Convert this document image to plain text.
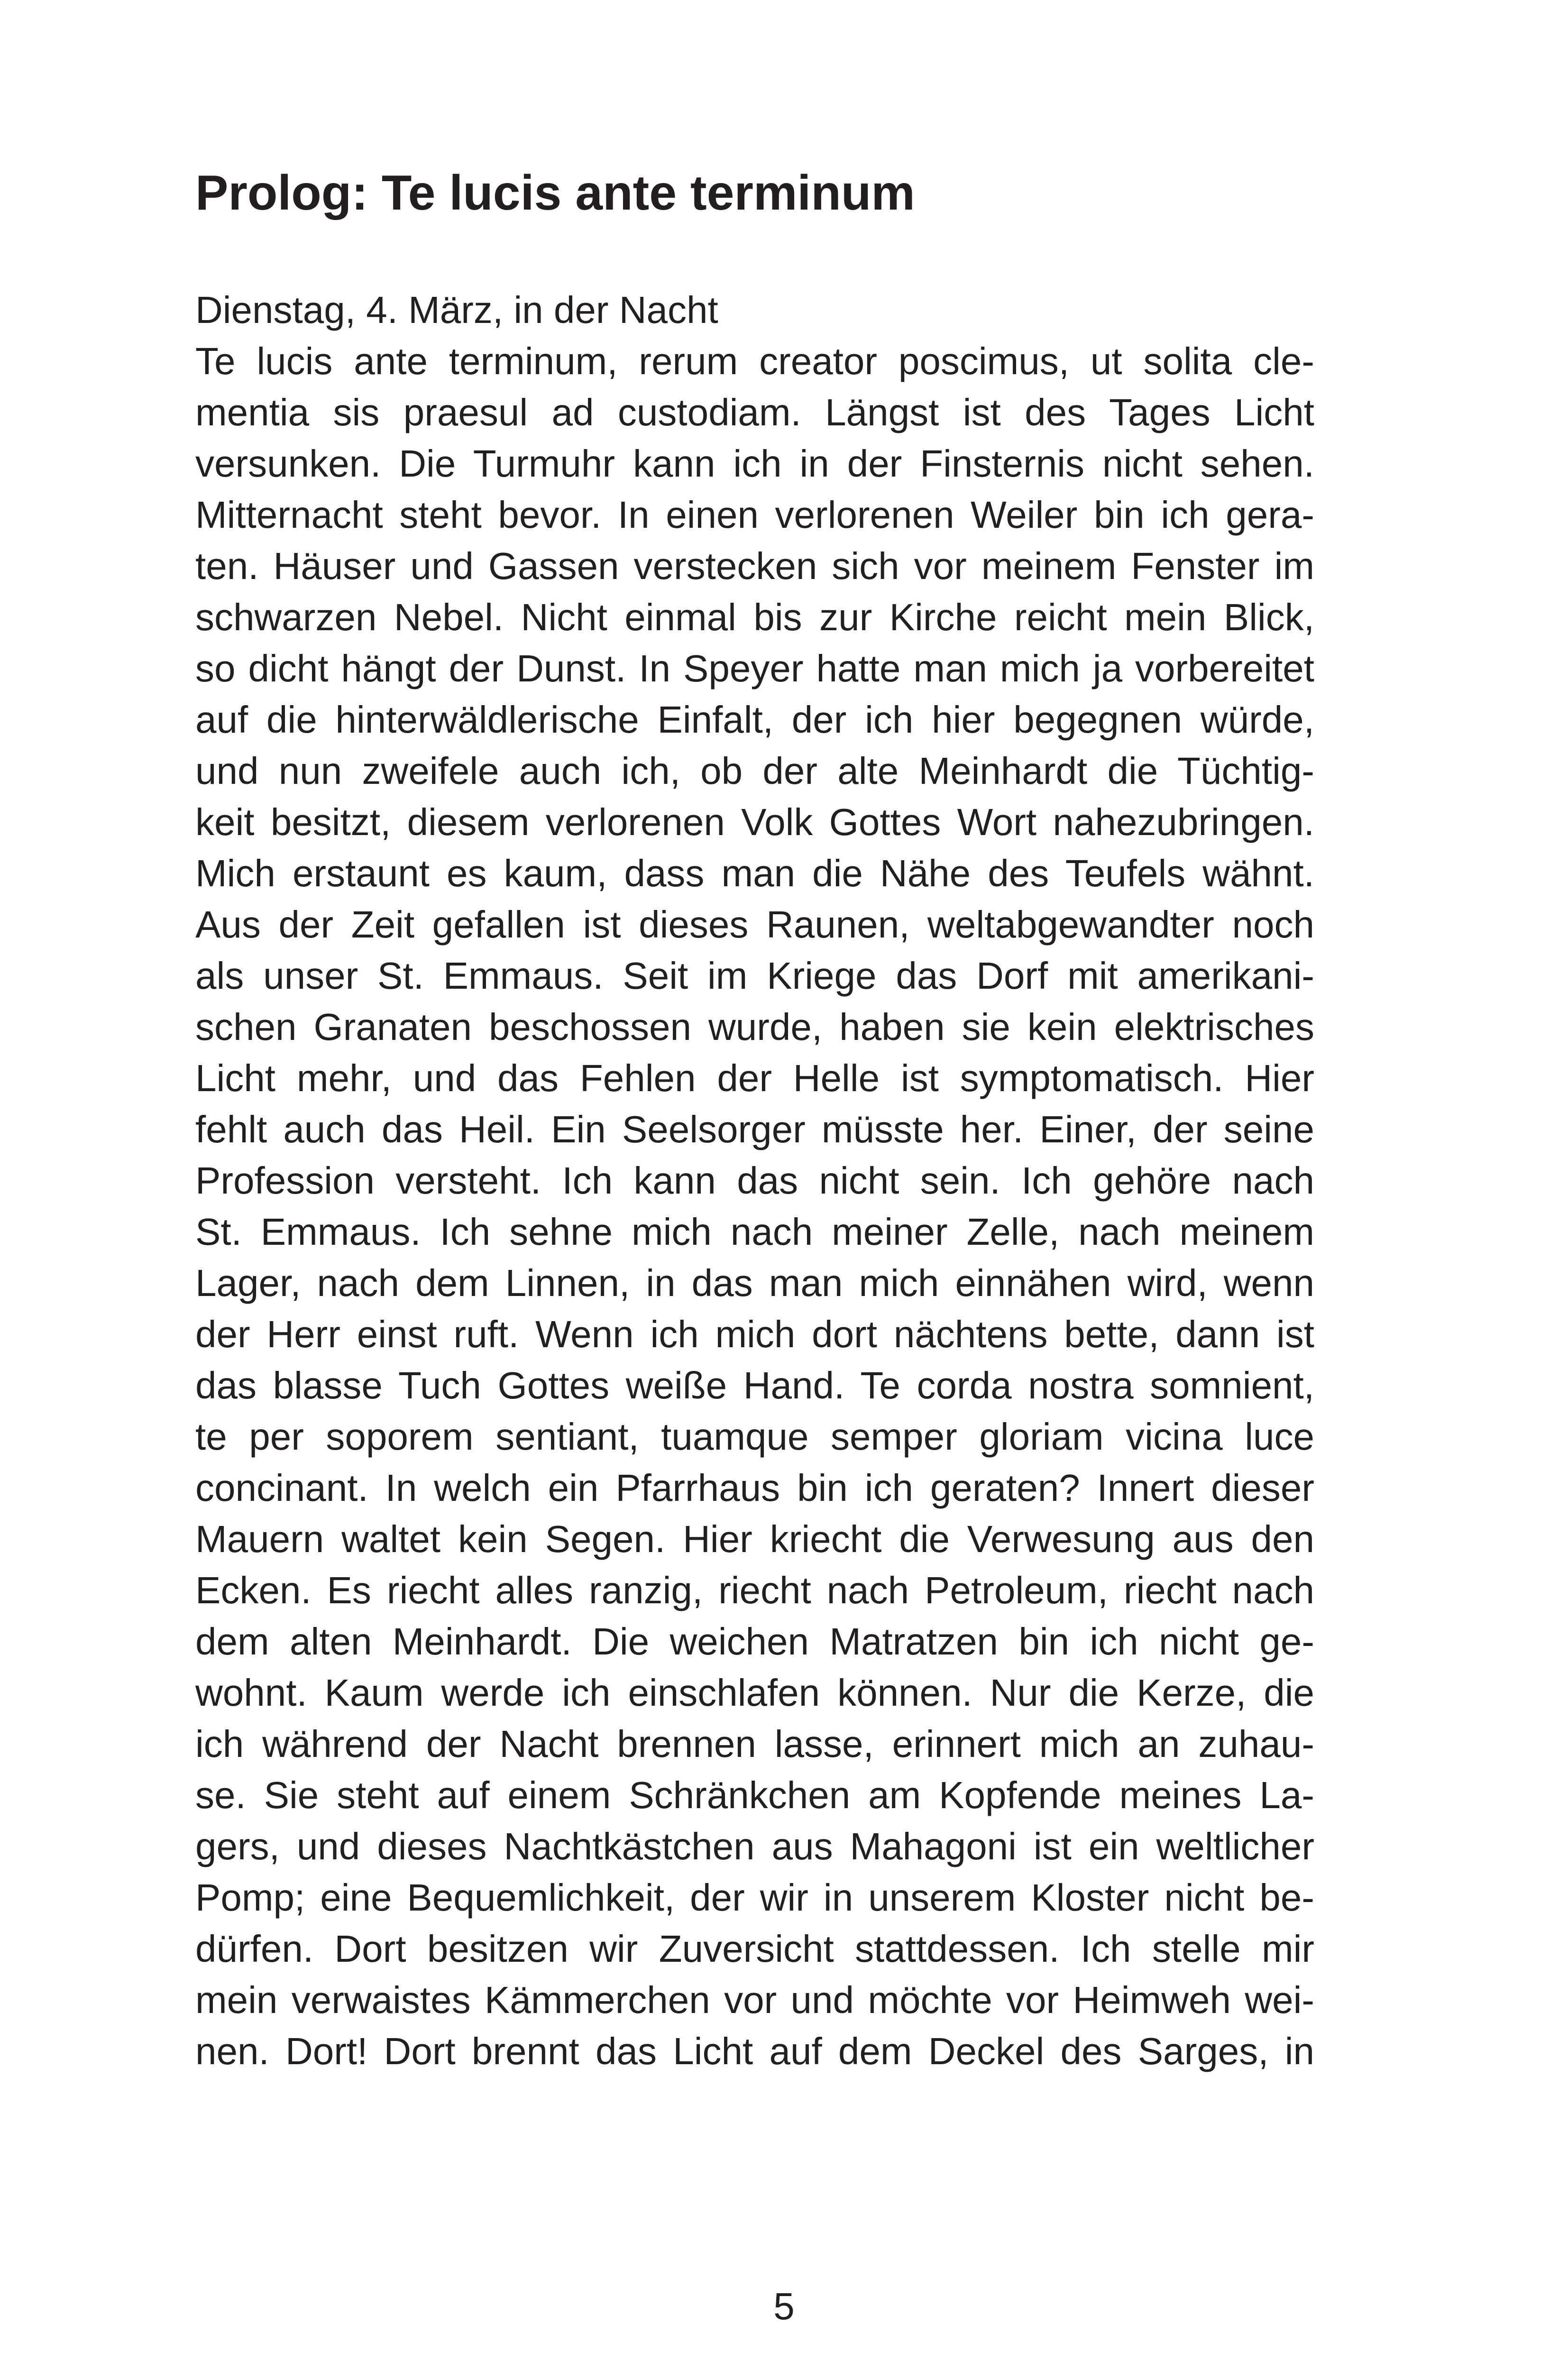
Prolog: Te lucis ante terminum
Dienstag, 4. März, in der Nacht
Te lucis ante terminum, rerum creator poscimus, ut solita cle-
mentia sis praesul ad custodiam. Längst ist des Tages Licht
versunken. Die Turmuhr kann ich in der Finsternis nicht sehen.
Mitternacht steht bevor. In einen verlorenen Weiler bin ich gera-
ten. Häuser und Gassen verstecken sich vor meinem Fenster im
schwarzen Nebel. Nicht einmal bis zur Kirche reicht mein Blick,
so dicht hängt der Dunst. In Speyer hatte man mich ja vorbereitet
auf die hinterwäldlerische Einfalt, der ich hier begegnen würde,
und nun zweifele auch ich, ob der alte Meinhardt die Tüchtig-
keit besitzt, diesem verlorenen Volk Gottes Wort nahezubringen.
Mich erstaunt es kaum, dass man die Nähe des Teufels wähnt.
Aus der Zeit gefallen ist dieses Raunen, weltabgewandter noch
als unser St. Emmaus. Seit im Kriege das Dorf mit amerikani-
schen Granaten beschossen wurde, haben sie kein elektrisches
Licht mehr, und das Fehlen der Helle ist symptomatisch. Hier
fehlt auch das Heil. Ein Seelsorger müsste her. Einer, der seine
Profession versteht. Ich kann das nicht sein. Ich gehöre nach
St. Emmaus. Ich sehne mich nach meiner Zelle, nach meinem
Lager, nach dem Linnen, in das man mich einnähen wird, wenn
der Herr einst ruft. Wenn ich mich dort nächtens bette, dann ist
das blasse Tuch Gottes weiße Hand. Te corda nostra somnient,
te per soporem sentiant, tuamque semper gloriam vicina luce
concinant. In welch ein Pfarrhaus bin ich geraten? Innert dieser
Mauern waltet kein Segen. Hier kriecht die Verwesung aus den
Ecken. Es riecht alles ranzig, riecht nach Petroleum, riecht nach
dem alten Meinhardt. Die weichen Matratzen bin ich nicht ge-
wohnt. Kaum werde ich einschlafen können. Nur die Kerze, die
ich während der Nacht brennen lasse, erinnert mich an zuhau-
se. Sie steht auf einem Schränkchen am Kopfende meines La-
gers, und dieses Nachtkästchen aus Mahagoni ist ein weltlicher
Pomp; eine Bequemlichkeit, der wir in unserem Kloster nicht be-
dürfen. Dort besitzen wir Zuversicht stattdessen. Ich stelle mir
mein verwaistes Kämmerchen vor und möchte vor Heimweh wei-
nen. Dort! Dort brennt das Licht auf dem Deckel des Sarges, in
5
